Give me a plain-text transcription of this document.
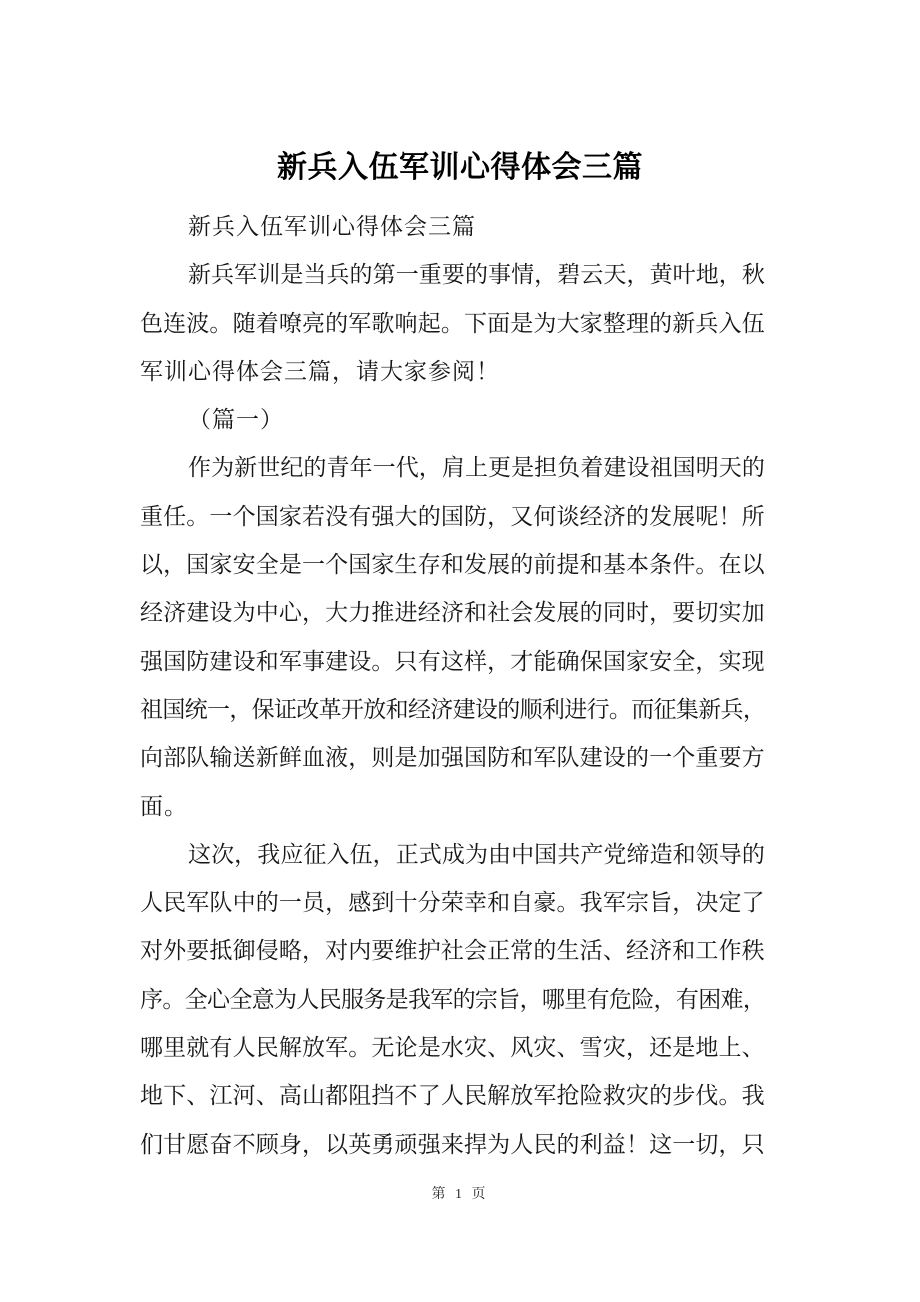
新兵入伍军训心得体会三篇
新兵入伍军训心得体会三篇
新 兵 军 训 是 当 兵 的 第 一 重 要 的 事 情 ， 碧 云 天 ， 黄 叶 地 ， 秋
色 连 波 。 随 着 嘹 亮 的 军 歌 响 起 。 下 面 是 为 大 家 整 理 的 新 兵 入 伍
军训心得体会三篇，请大家参阅！
（篇一）
作 为 新 世 纪 的 青 年 一 代 ， 肩 上 更 是 担 负 着 建 设 祖 国 明 天 的
重 任 。 一 个 国 家 若 没 有 强 大 的 国 防 ， 又 何 谈 经 济 的 发 展 呢 ！ 所
以 ， 国 家 安 全 是 一 个 国 家 生 存 和 发 展 的 前 提 和 基 本 条 件 。 在 以
经 济 建 设 为 中 心 ， 大 力 推 进 经 济 和 社 会 发 展 的 同 时 ， 要 切 实 加
强 国 防 建 设 和 军 事 建 设 。 只 有 这 样 ， 才 能 确 保 国 家 安 全 ， 实 现
祖 国 统 一 ， 保 证 改 革 开 放 和 经 济 建 设 的 顺 利 进 行 。 而 征 集 新 兵 ，
向 部 队 输 送 新 鲜 血 液 ， 则 是 加 强 国 防 和 军 队 建 设 的 一 个 重 要 方
面。
这 次 ， 我 应 征 入 伍 ， 正 式 成 为 由 中 国 共 产 党 缔 造 和 领 导 的
人 民 军 队 中 的 一 员 ， 感 到 十 分 荣 幸 和 自 豪 。 我 军 宗 旨 ， 决 定 了
对 外 要 抵 御 侵 略 ， 对 内 要 维 护 社 会 正 常 的 生 活 、 经 济 和 工 作 秩
序 。 全 心 全 意 为 人 民 服 务 是 我 军 的 宗 旨 ， 哪 里 有 危 险 ， 有 困 难 ，
哪 里 就 有 人 民 解 放 军 。 无 论 是 水 灾 、 风 灾 、 雪 灾 ， 还 是 地 上 、
地 下 、 江 河 、 高 山 都 阻 挡 不 了 人 民 解 放 军 抢 险 救 灾 的 步 伐 。 我
们 甘 愿 奋 不 顾 身 ， 以 英 勇 顽 强 来 捍 为 人 民 的 利 益 ！ 这 一 切 ， 只
第 1 页
